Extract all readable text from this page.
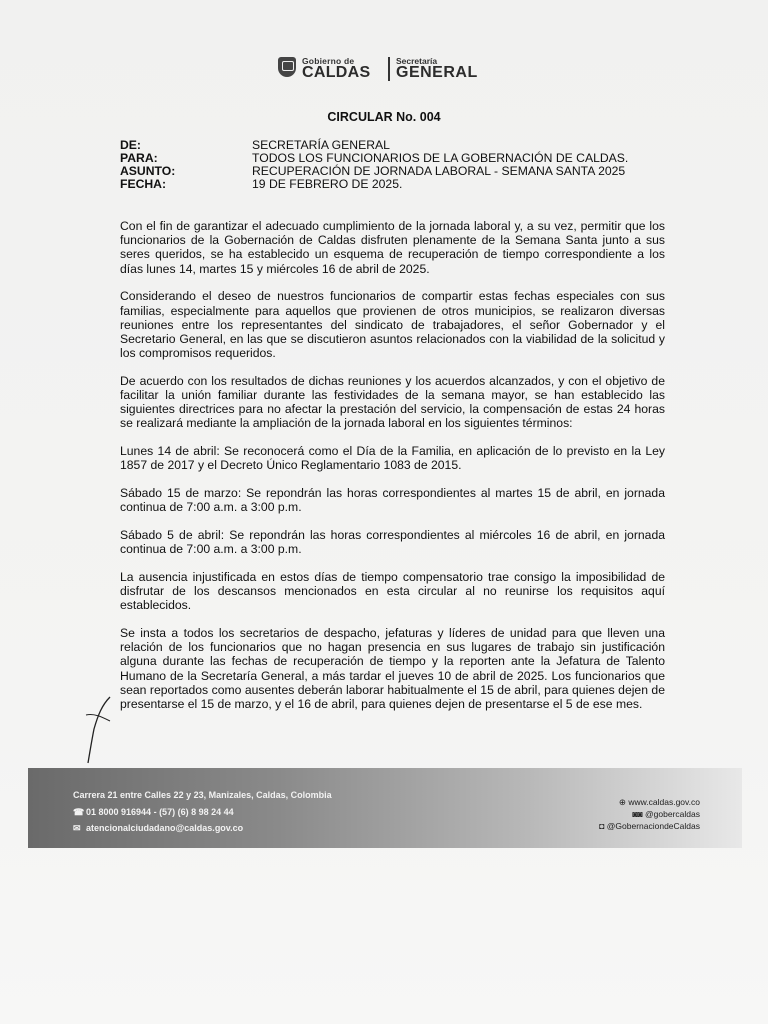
Gobierno de
CALDAS
Secretaría
GENERAL
CIRCULAR No. 004
DE:	SECRETARÍA GENERAL
PARA:	TODOS LOS FUNCIONARIOS DE LA GOBERNACIÓN DE CALDAS.
ASUNTO:	RECUPERACIÓN DE JORNADA LABORAL - SEMANA SANTA 2025
FECHA:	19 DE FEBRERO DE 2025.

Con el fin de garantizar el adecuado cumplimiento de la jornada laboral y, a su vez, permitir que los funcionarios de la Gobernación de Caldas disfruten plenamente de la Semana Santa junto a sus seres queridos, se ha establecido un esquema de recuperación de tiempo correspondiente a los días lunes 14, martes 15 y miércoles 16 de abril de 2025.

Considerando el deseo de nuestros funcionarios de compartir estas fechas especiales con sus familias, especialmente para aquellos que provienen de otros municipios, se realizaron diversas reuniones entre los representantes del sindicato de trabajadores, el señor Gobernador y el Secretario General, en las que se discutieron asuntos relacionados con la viabilidad de la solicitud y los compromisos requeridos.

De acuerdo con los resultados de dichas reuniones y los acuerdos alcanzados, y con el objetivo de facilitar la unión familiar durante las festividades de la semana mayor, se han establecido las siguientes directrices para no afectar la prestación del servicio, la compensación de estas 24 horas se realizará mediante la ampliación de la jornada laboral en los siguientes términos:

Lunes 14 de abril: Se reconocerá como el Día de la Familia, en aplicación de lo previsto en la Ley 1857 de 2017 y el Decreto Único Reglamentario 1083 de 2015.

Sábado 15 de marzo: Se repondrán las horas correspondientes al martes 15 de abril, en jornada continua de 7:00 a.m. a 3:00 p.m.

Sábado 5 de abril: Se repondrán las horas correspondientes al miércoles 16 de abril, en jornada continua de 7:00 a.m. a 3:00 p.m.

La ausencia injustificada en estos días de tiempo compensatorio trae consigo la imposibilidad de disfrutar de los descansos mencionados en esta circular al no reunirse los requisitos aquí establecidos.

Se insta a todos los secretarios de despacho, jefaturas y líderes de unidad para que lleven una relación de los funcionarios que no hagan presencia en sus lugares de trabajo sin justificación alguna durante las fechas de recuperación de tiempo y la reporten ante la Jefatura de Talento Humano de la Secretaría General, a más tardar el jueves 10 de abril de 2025. Los funcionarios que sean reportados como ausentes deberán laborar habitualmente el 15 de abril, para quienes dejen de presentarse el 15 de marzo, y el 16 de abril, para quienes dejen de presentarse el 5 de ese mes.

Carrera 21 entre Calles 22 y 23, Manizales, Caldas, Colombia
☎ 01 8000 916944 - (57) (6) 8 98 24 44
✉ atencionalciudadano@caldas.gov.co
⊕ www.caldas.gov.co
◙◙ @gobercaldas
◘ @GobernaciondeCaldas
